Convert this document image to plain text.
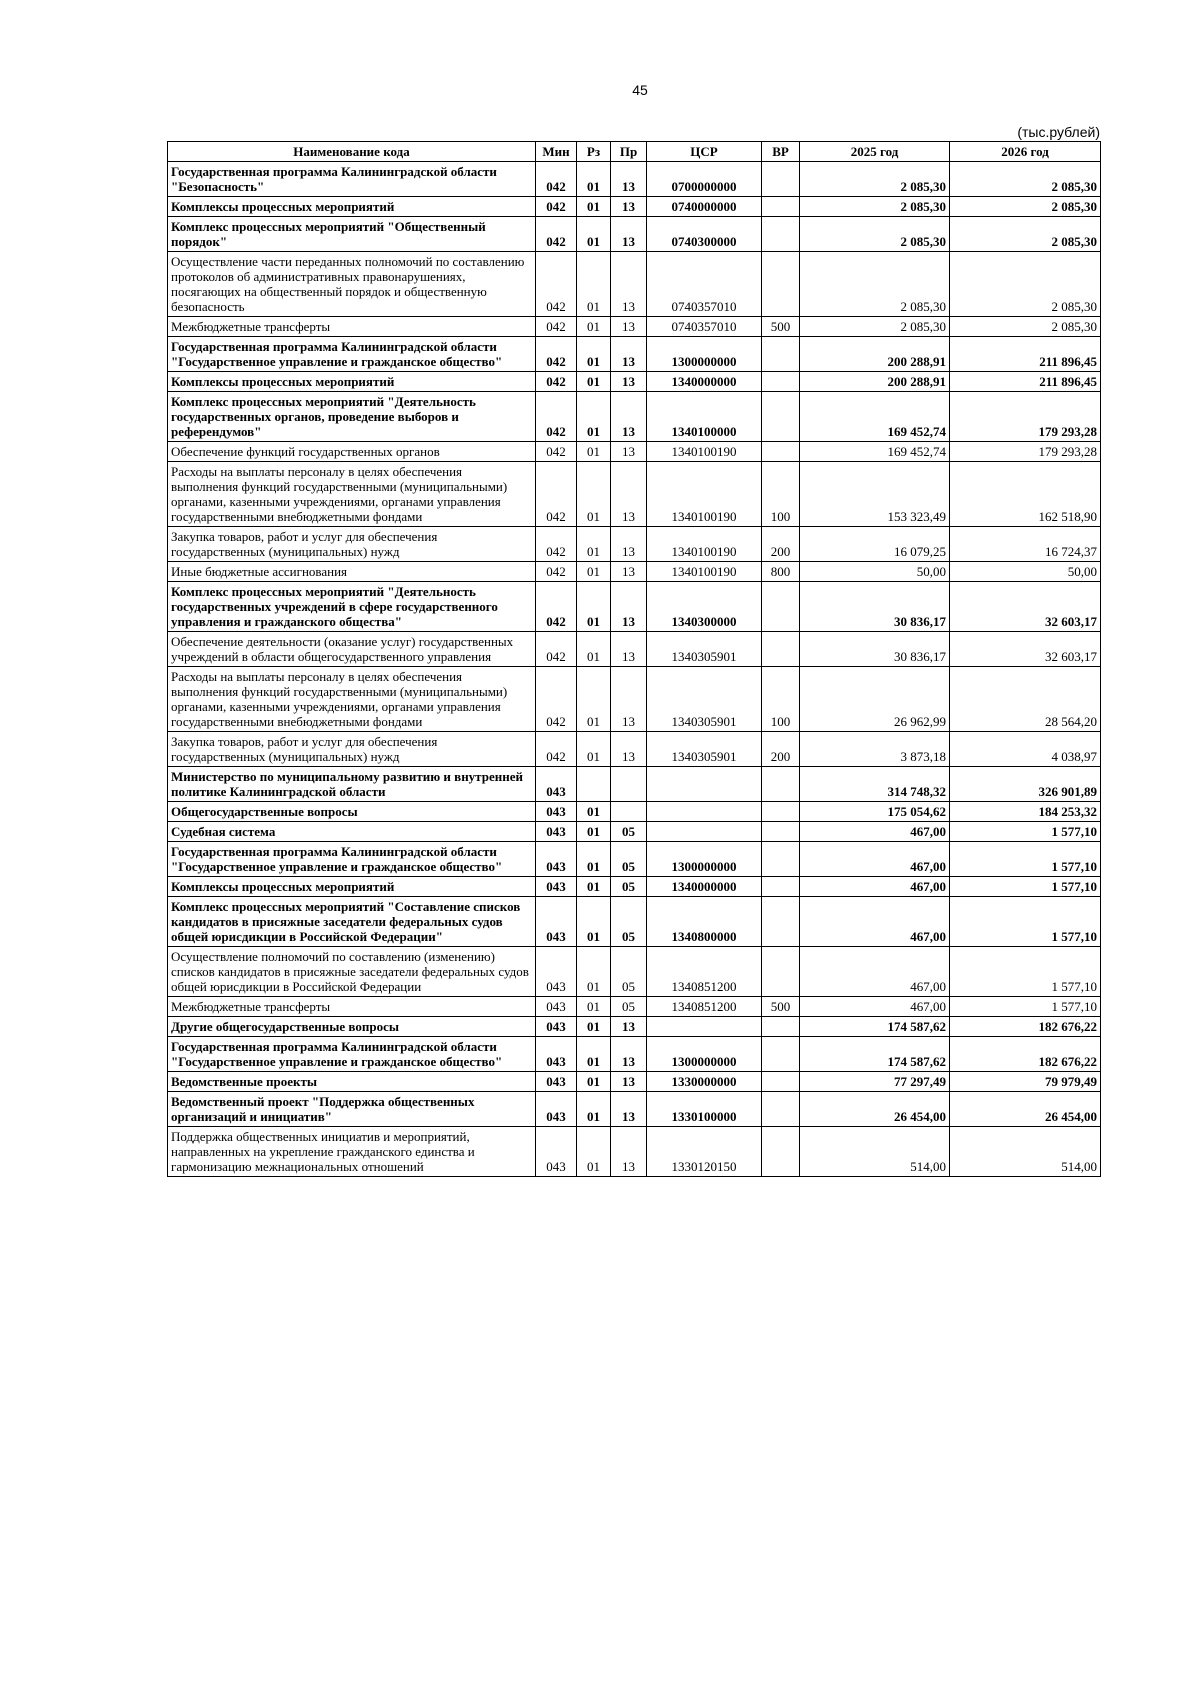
45
(тыс.рублей)
Наименование кода	Мин	Рз	Пр	ЦСР	ВР	2025 год	2026 год
Государственная программа Калининградской области "Безопасность"	042	01	13	0700000000		2 085,30	2 085,30
Комплексы процессных мероприятий	042	01	13	0740000000		2 085,30	2 085,30
Комплекс процессных мероприятий "Общественный порядок"	042	01	13	0740300000		2 085,30	2 085,30
Осуществление части переданных полномочий по составлению протоколов об административных правонарушениях, посягающих на общественный порядок и общественную безопасность	042	01	13	0740357010		2 085,30	2 085,30
Межбюджетные трансферты	042	01	13	0740357010	500	2 085,30	2 085,30
Государственная программа Калининградской области "Государственное управление и гражданское общество"	042	01	13	1300000000		200 288,91	211 896,45
Комплексы процессных мероприятий	042	01	13	1340000000		200 288,91	211 896,45
Комплекс процессных мероприятий "Деятельность государственных органов, проведение выборов и референдумов"	042	01	13	1340100000		169 452,74	179 293,28
Обеспечение функций государственных органов	042	01	13	1340100190		169 452,74	179 293,28
Расходы на выплаты персоналу в целях обеспечения выполнения функций государственными (муниципальными) органами, казенными учреждениями, органами управления государственными внебюджетными фондами	042	01	13	1340100190	100	153 323,49	162 518,90
Закупка товаров, работ и услуг для обеспечения государственных (муниципальных) нужд	042	01	13	1340100190	200	16 079,25	16 724,37
Иные бюджетные ассигнования	042	01	13	1340100190	800	50,00	50,00
Комплекс процессных мероприятий "Деятельность государственных учреждений в сфере государственного управления и гражданского общества"	042	01	13	1340300000		30 836,17	32 603,17
Обеспечение деятельности (оказание услуг) государственных учреждений в области общегосударственного управления	042	01	13	1340305901		30 836,17	32 603,17
Расходы на выплаты персоналу в целях обеспечения выполнения функций государственными (муниципальными) органами, казенными учреждениями, органами управления государственными внебюджетными фондами	042	01	13	1340305901	100	26 962,99	28 564,20
Закупка товаров, работ и услуг для обеспечения государственных (муниципальных) нужд	042	01	13	1340305901	200	3 873,18	4 038,97
Министерство по муниципальному развитию и внутренней политике Калининградской области	043					314 748,32	326 901,89
Общегосударственные вопросы	043	01				175 054,62	184 253,32
Судебная система	043	01	05			467,00	1 577,10
Государственная программа Калининградской области "Государственное управление и гражданское общество"	043	01	05	1300000000		467,00	1 577,10
Комплексы процессных мероприятий	043	01	05	1340000000		467,00	1 577,10
Комплекс процессных мероприятий "Составление списков кандидатов в присяжные заседатели федеральных судов общей юрисдикции в Российской Федерации"	043	01	05	1340800000		467,00	1 577,10
Осуществление полномочий по составлению (изменению) списков кандидатов в присяжные заседатели федеральных судов общей юрисдикции в Российской Федерации	043	01	05	1340851200		467,00	1 577,10
Межбюджетные трансферты	043	01	05	1340851200	500	467,00	1 577,10
Другие общегосударственные вопросы	043	01	13			174 587,62	182 676,22
Государственная программа Калининградской области "Государственное управление и гражданское общество"	043	01	13	1300000000		174 587,62	182 676,22
Ведомственные проекты	043	01	13	1330000000		77 297,49	79 979,49
Ведомственный проект "Поддержка общественных организаций и инициатив"	043	01	13	1330100000		26 454,00	26 454,00
Поддержка общественных инициатив и мероприятий, направленных на укрепление гражданского единства и гармонизацию межнациональных отношений	043	01	13	1330120150		514,00	514,00
